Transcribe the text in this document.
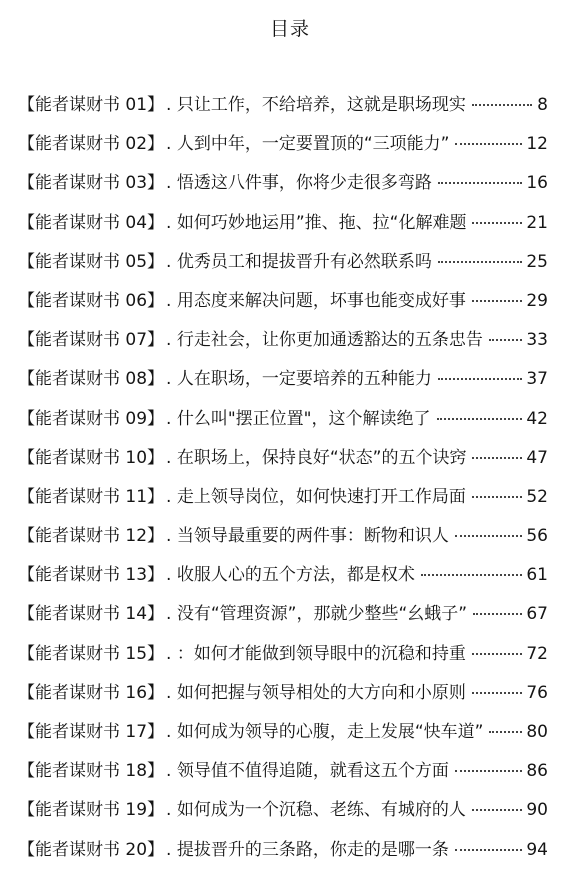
目录
【能者谋财书 01】 . 只让工作，不给培养，这就是职场现实	8
【能者谋财书 02】 . 人到中年，一定要置顶的“三项能力”	12
【能者谋财书 03】 . 悟透这八件事，你将少走很多弯路	16
【能者谋财书 04】 . 如何巧妙地运用”推、拖、拉“化解难题	21
【能者谋财书 05】 . 优秀员工和提拔晋升有必然联系吗	25
【能者谋财书 06】 . 用态度来解决问题，坏事也能变成好事	29
【能者谋财书 07】 . 行走社会，让你更加通透豁达的五条忠告	33
【能者谋财书 08】 . 人在职场，一定要培养的五种能力	37
【能者谋财书 09】 . 什么叫"摆正位置"，这个解读绝了	42
【能者谋财书 10】 . 在职场上，保持良好“状态”的五个诀窍	47
【能者谋财书 11】 . 走上领导岗位，如何快速打开工作局面	52
【能者谋财书 12】 . 当领导最重要的两件事：断物和识人	56
【能者谋财书 13】 . 收服人心的五个方法，都是权术	61
【能者谋财书 14】 . 没有“管理资源”，那就少整些“幺蛾子”	67
【能者谋财书 15】 . ：如何才能做到领导眼中的沉稳和持重	72
【能者谋财书 16】 . 如何把握与领导相处的大方向和小原则	76
【能者谋财书 17】 . 如何成为领导的心腹，走上发展“快车道”	80
【能者谋财书 18】 . 领导值不值得追随，就看这五个方面	86
【能者谋财书 19】 . 如何成为一个沉稳、老练、有城府的人	90
【能者谋财书 20】 . 提拔晋升的三条路，你走的是哪一条	94
